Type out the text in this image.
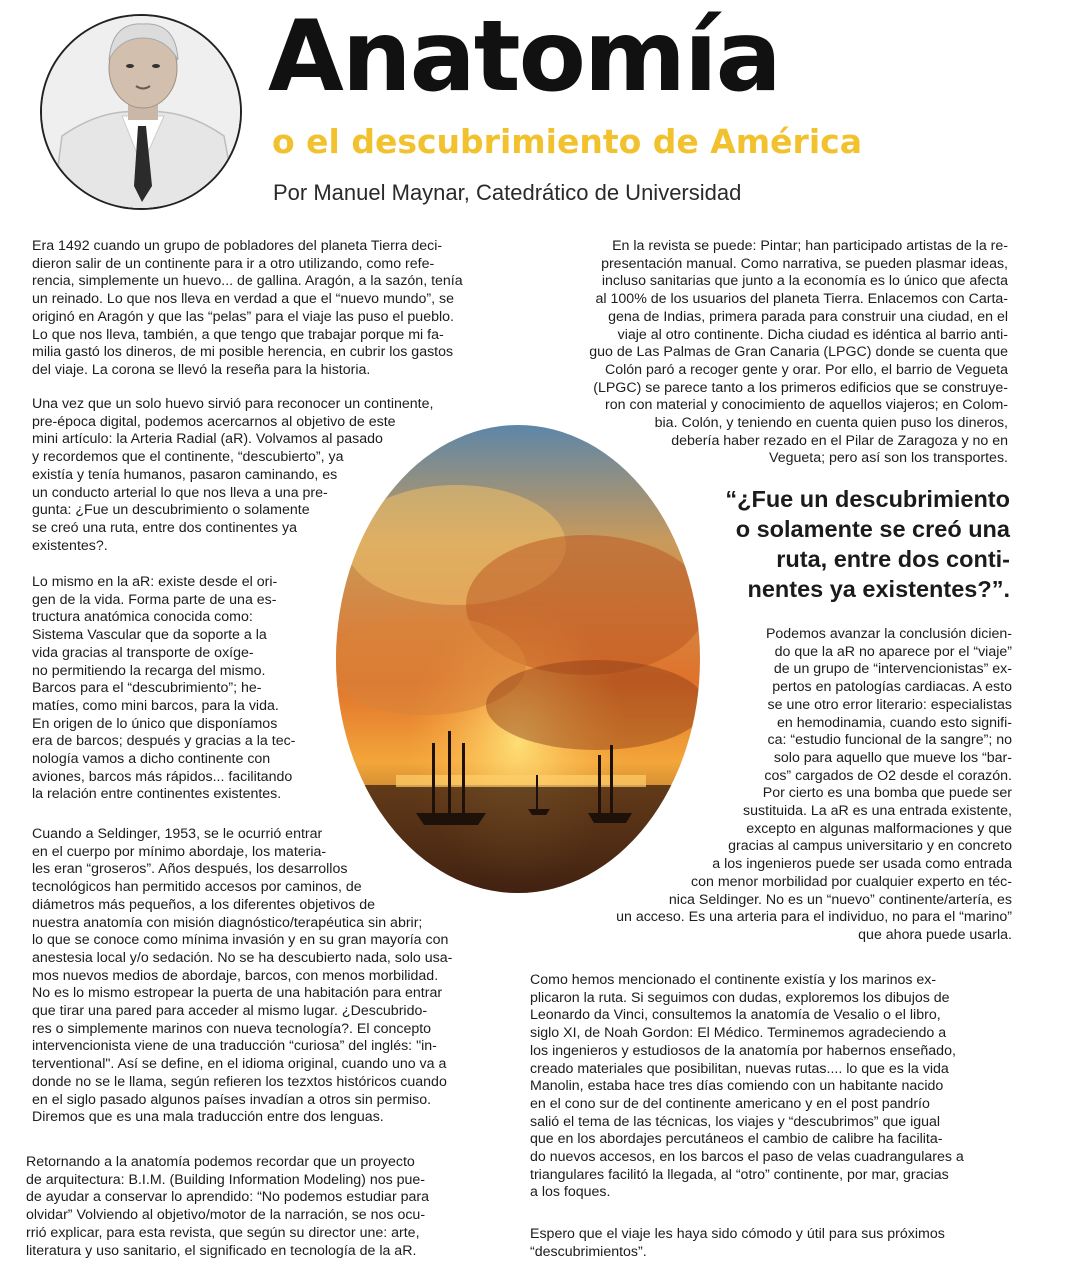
Anatomía
o el descubrimiento de América
Por Manuel Maynar, Catedrático de Universidad
Era 1492 cuando un grupo de pobladores del planeta Tierra deci-
dieron salir de un continente para ir a otro utilizando, como refe-
rencia, simplemente un huevo... de gallina. Aragón, a la sazón, tenía
un reinado. Lo que nos lleva en verdad a que el “nuevo mundo”, se
originó en Aragón y que las “pelas” para el viaje las puso el pueblo.
Lo que nos lleva, también, a que tengo que trabajar porque mi fa-
milia gastó los dineros, de mi posible herencia, en cubrir los gastos
del viaje. La corona se llevó la reseña para la historia.
Una vez que un solo huevo sirvió para reconocer un continente,
pre-época digital, podemos acercarnos al objetivo de este
mini artículo: la Arteria Radial (aR). Volvamos al pasado
y recordemos que el continente, “descubierto”, ya
existía y tenía humanos, pasaron caminando, es
un conducto arterial lo que nos lleva a una pre-
gunta: ¿Fue un descubrimiento o solamente
se creó una ruta, entre dos continentes ya
existentes?.
Lo mismo en la aR: existe desde el ori-
gen de la vida. Forma parte de una es-
tructura anatómica conocida como:
Sistema Vascular que da soporte a la
vida gracias al transporte de oxíge-
no permitiendo la recarga del mismo.
Barcos para el “descubrimiento”; he-
matíes, como mini barcos, para la vida.
En origen de lo único que disponíamos
era de barcos; después y gracias a la tec-
nología vamos a dicho continente con
aviones, barcos más rápidos... facilitando
la relación entre continentes existentes.
Cuando a Seldinger, 1953, se le ocurrió entrar
en el cuerpo por mínimo abordaje, los materia-
les eran “groseros”. Años después, los desarrollos
tecnológicos han permitido accesos por caminos, de
diámetros más pequeños, a los diferentes objetivos de
nuestra anatomía con misión diagnóstico/terapéutica sin abrir;
lo que se conoce como mínima invasión y en su gran mayoría con
anestesia local y/o sedación. No se ha descubierto nada, solo usa-
mos nuevos medios de abordaje, barcos, con menos morbilidad.
No es lo mismo estropear la puerta de una habitación para entrar
que tirar una pared para acceder al mismo lugar. ¿Descubrido-
res o simplemente marinos con nueva tecnología?. El concepto
intervencionista viene de una traducción “curiosa” del inglés: "in-
terventional". Así se define, en el idioma original, cuando uno va a
donde no se le llama, según refieren los tezxtos históricos cuando
en el siglo pasado algunos países invadían a otros sin permiso.
Diremos que es una mala traducción entre dos lenguas.
Retornando a la anatomía podemos recordar que un proyecto
de arquitectura: B.I.M. (Building Information Modeling) nos pue-
de ayudar a conservar lo aprendido: “No podemos estudiar para
olvidar” Volviendo al objetivo/motor de la narración, se nos ocu-
rrió explicar, para esta revista, que según su director une: arte,
literatura y uso sanitario, el significado en tecnología de la aR.
En la revista se puede: Pintar; han participado artistas de la re-
presentación manual. Como narrativa, se pueden plasmar ideas,
incluso sanitarias que junto a la economía es lo único que afecta
al 100% de los usuarios del planeta Tierra. Enlacemos con Carta-
gena de Indias, primera parada para construir una ciudad, en el
viaje al otro continente. Dicha ciudad es idéntica al barrio anti-
guo de Las Palmas de Gran Canaria (LPGC) donde se cuenta que
Colón paró a recoger gente y orar. Por ello, el barrio de Vegueta
(LPGC) se parece tanto a los primeros edificios que se construye-
ron con material y conocimiento de aquellos viajeros; en Colom-
bia. Colón, y teniendo en cuenta quien puso los dineros,
debería haber rezado en el Pilar de Zaragoza y no en
Vegueta; pero así son los transportes.
“¿Fue un descubrimiento
o solamente se creó una
ruta, entre dos conti-
nentes ya existentes?”.
Podemos avanzar la conclusión dicien-
do que la aR no aparece por el “viaje”
de un grupo de “intervencionistas” ex-
pertos en patologías cardiacas. A esto
se une otro error literario: especialistas
en hemodinamia, cuando esto signifi-
ca: “estudio funcional de la sangre”; no
solo para aquello que mueve los “bar-
cos” cargados de O2 desde el corazón.
Por cierto es una bomba que puede ser
sustituida. La aR es una entrada existente,
excepto en algunas malformaciones y que
gracias al campus universitario y en concreto
a los ingenieros puede ser usada como entrada
con menor morbilidad por cualquier experto en téc-
nica Seldinger. No es un “nuevo” continente/artería, es
un acceso. Es una arteria para el individuo, no para el “marino”
que ahora puede usarla.
Como hemos mencionado el continente existía y los marinos ex-
plicaron la ruta. Si seguimos con dudas, exploremos los dibujos de
Leonardo da Vinci, consultemos la anatomía de Vesalio o el libro,
siglo XI, de Noah Gordon: El Médico. Terminemos agradeciendo a
los ingenieros y estudiosos de la anatomía por habernos enseñado,
creado materiales que posibilitan, nuevas rutas.... lo que es la vida
Manolin, estaba hace tres días comiendo con un habitante nacido
en el cono sur de del continente americano y en el post pandrío
salió el tema de las técnicas, los viajes y “descubrimos” que igual
que en los abordajes percutáneos el cambio de calibre ha facilita-
do nuevos accesos, en los barcos el paso de velas cuadrangulares a
triangulares facilitó la llegada, al “otro” continente, por mar, gracias
a los foques.
Espero que el viaje les haya sido cómodo y útil para sus próximos
“descubrimientos”.
